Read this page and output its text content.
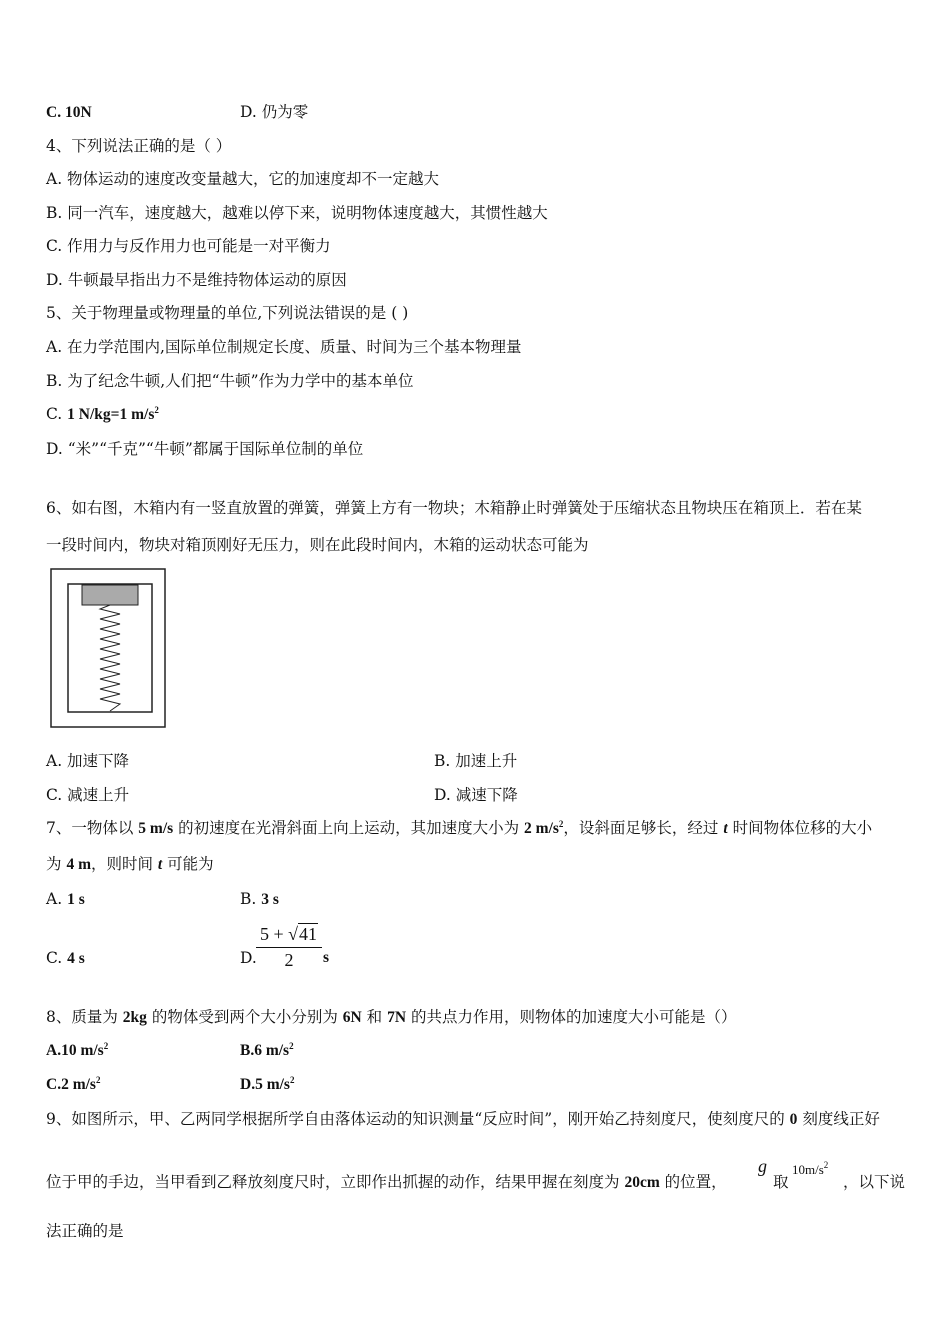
C. 10N	D. 仍为零
4、下列说法正确的是（ ）
A. 物体运动的速度改变量越大，它的加速度却不一定越大
B. 同一汽车，速度越大，越难以停下来，说明物体速度越大，其惯性越大
C. 作用力与反作用力也可能是一对平衡力
D. 牛顿最早指出力不是维持物体运动的原因
5、关于物理量或物理量的单位,下列说法错误的是 ( )
A. 在力学范围内,国际单位制规定长度、质量、时间为三个基本物理量
B. 为了纪念牛顿,人们把“牛顿”作为力学中的基本单位
C. 1 N/kg=1 $m/s^2$
D. “米”“千克”“牛顿”都属于国际单位制的单位
6、如右图，木箱内有一竖直放置的弹簧，弹簧上方有一物块；木箱静止时弹簧处于压缩状态且物块压在箱顶上．若在某
一段时间内，物块对箱顶刚好无压力，则在此段时间内，木箱的运动状态可能为
A. 加速下降	B. 加速上升
C. 减速上升	D. 减速下降
7、一物体以 5 m/s 的初速度在光滑斜面上向上运动，其加速度大小为 2 $m/s^2$，设斜面足够长，经过 t 时间物体位移的大小
为 4 m，则时间 t 可能为
A. 1 s	B. 3 s
C. 4 s	D.
5 + √41
2	s
8、质量为 2kg 的物体受到两个大小分别为 6N 和 7N 的共点力作用，则物体的加速度大小可能是（）
A.10 $m/s^2$	B.6 $m/s^2$
C.2 $m/s^2$	D.5 $m/s^2$
9、如图所示，甲、乙两同学根据所学自由落体运动的知识测量“反应时间”，刚开始乙持刻度尺，使刻度尺的 0 刻度线正好
位于甲的手边，当甲看到乙释放刻度尺时，立即作出抓握的动作，结果甲握在刻度为 20cm 的位置，
g
取
$10m/s^2$
，以下说
法正确的是
